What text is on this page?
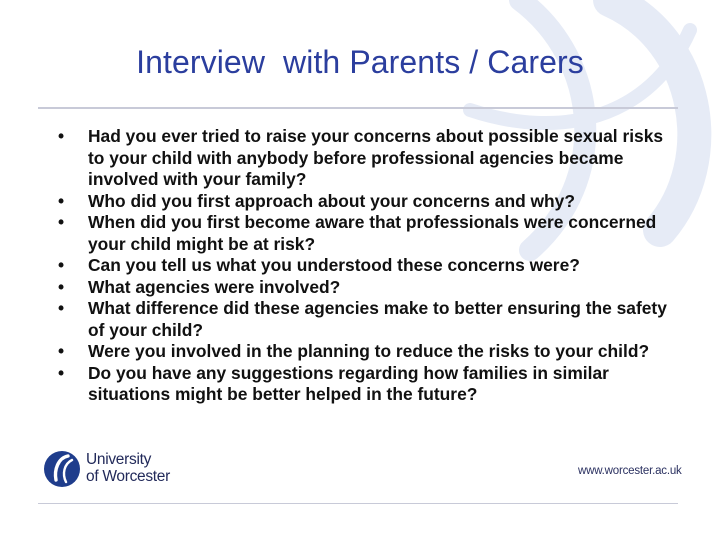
Interview  with Parents / Carers
• Had you ever tried to raise your concerns about possible sexual risks to your child with anybody before professional agencies became involved with your family?
• Who did you first approach about your concerns and why?
• When did you first become aware that professionals were concerned your child might be at risk?
• Can you tell us what you understood these concerns were?
• What agencies were involved?
• What difference did these agencies make to better ensuring the safety of your child?
• Were you involved in the planning to reduce the risks to your child?
• Do you have any suggestions regarding how families in similar situations might be better helped in the future?
University
of Worcester	www.worcester.ac.uk
